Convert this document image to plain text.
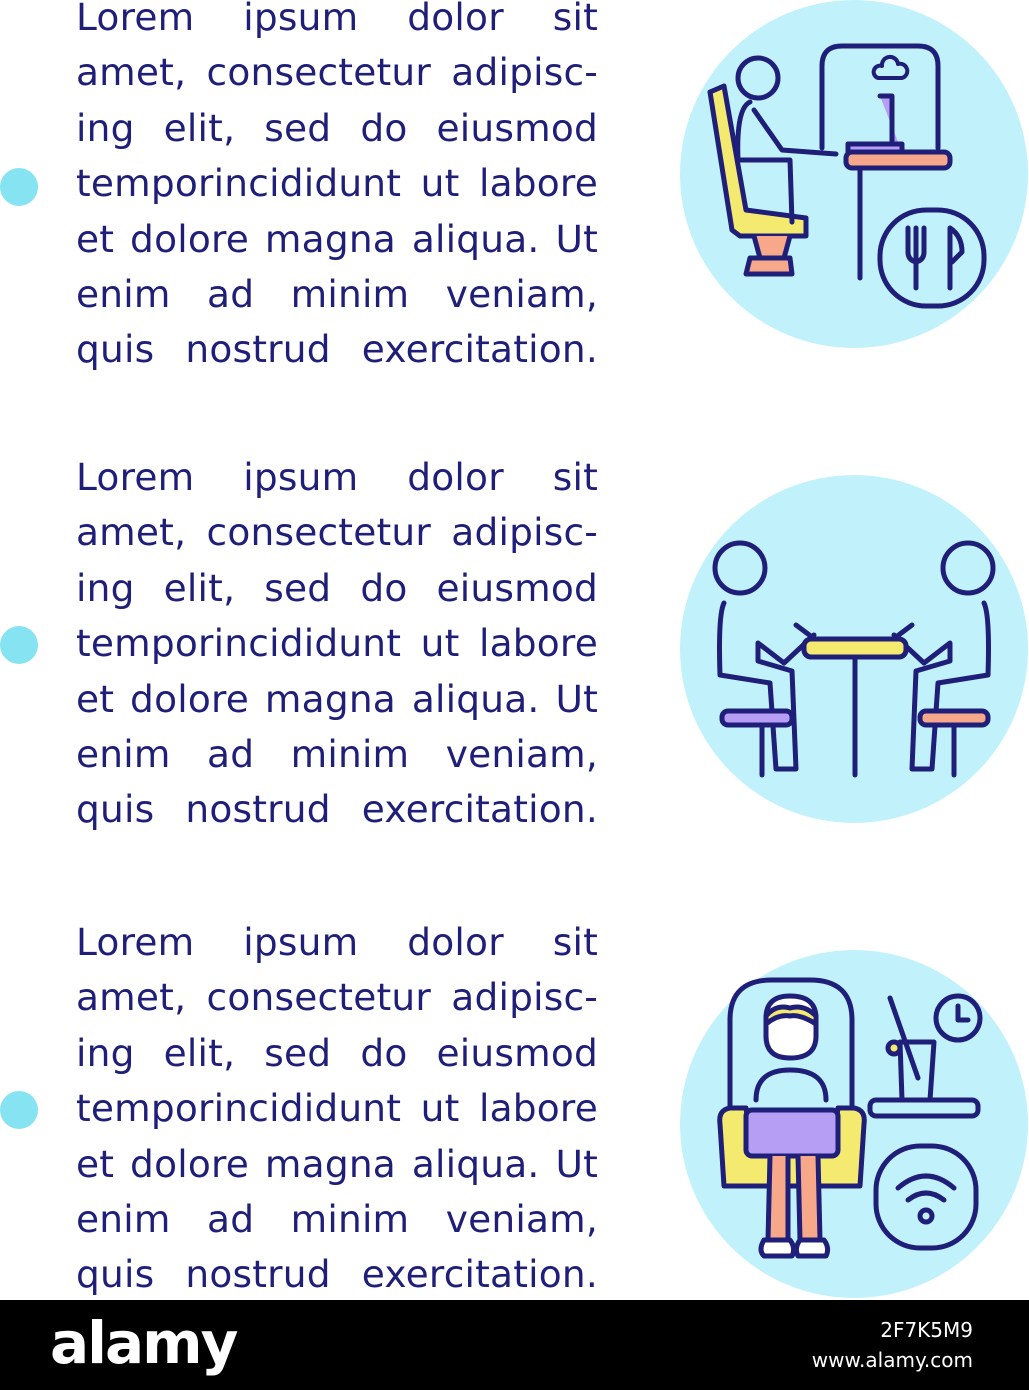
Lorem ipsum dolor sit
amet, consectetur adipisc-
ing elit, sed do eiusmod
temporincididunt ut labore
et dolore magna aliqua. Ut
enim ad minim veniam,
quis nostrud exercitation.
Lorem ipsum dolor sit
amet, consectetur adipisc-
ing elit, sed do eiusmod
temporincididunt ut labore
et dolore magna aliqua. Ut
enim ad minim veniam,
quis nostrud exercitation.
Lorem ipsum dolor sit
amet, consectetur adipisc-
ing elit, sed do eiusmod
temporincididunt ut labore
et dolore magna aliqua. Ut
enim ad minim veniam,
quis nostrud exercitation.
alamy	2F7K5M9
www.alamy.com
